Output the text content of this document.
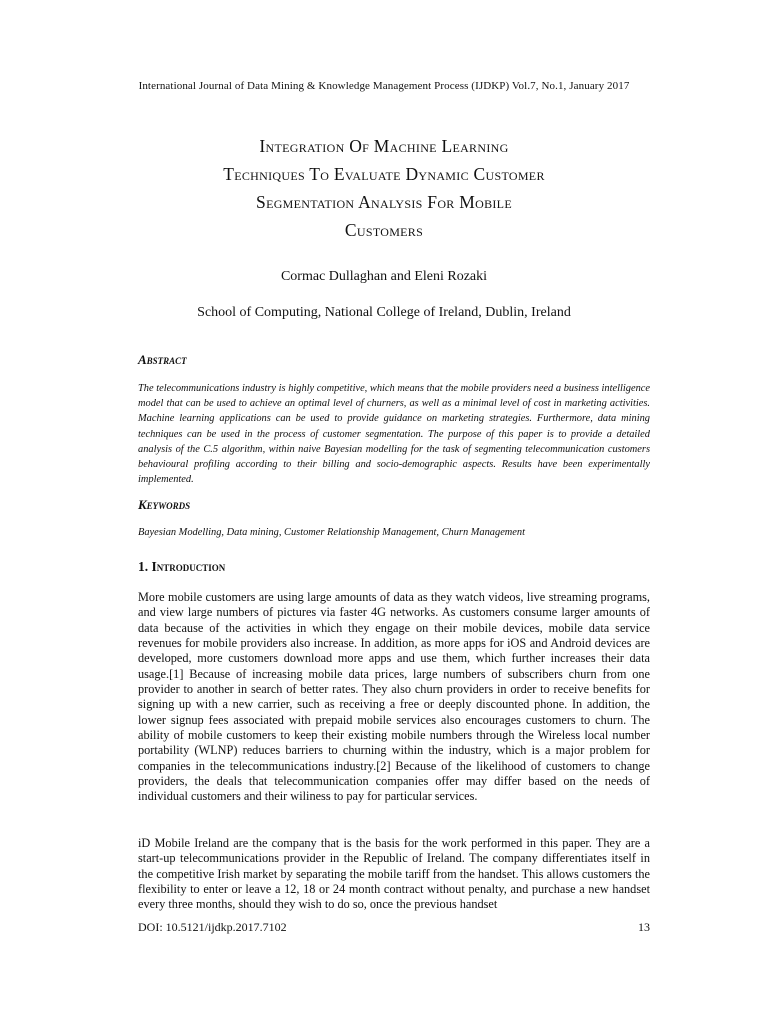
International Journal of Data Mining & Knowledge Management Process (IJDKP) Vol.7, No.1, January 2017
Integration Of Machine Learning
Techniques To Evaluate Dynamic Customer
Segmentation Analysis For Mobile
Customers
Cormac Dullaghan and Eleni Rozaki
School of Computing, National College of Ireland, Dublin, Ireland
Abstract
The telecommunications industry is highly competitive, which means that the mobile providers need a business intelligence model that can be used to achieve an optimal level of churners, as well as a minimal level of cost in marketing activities. Machine learning applications can be used to provide guidance on marketing strategies. Furthermore, data mining techniques can be used in the process of customer segmentation. The purpose of this paper is to provide a detailed analysis of the C.5 algorithm, within naive Bayesian modelling for the task of segmenting telecommunication customers behavioural profiling according to their billing and socio-demographic aspects. Results have been experimentally implemented.
Keywords
Bayesian Modelling, Data mining, Customer Relationship Management, Churn Management
1. Introduction
More mobile customers are using large amounts of data as they watch videos, live streaming programs, and view large numbers of pictures via faster 4G networks. As customers consume larger amounts of data because of the activities in which they engage on their mobile devices, mobile data service revenues for mobile providers also increase. In addition, as more apps for iOS and Android devices are developed, more customers download more apps and use them, which further increases their data usage.[1] Because of increasing mobile data prices, large numbers of subscribers churn from one provider to another in search of better rates. They also churn providers in order to receive benefits for signing up with a new carrier, such as receiving a free or deeply discounted phone. In addition, the lower signup fees associated with prepaid mobile services also encourages customers to churn. The ability of mobile customers to keep their existing mobile numbers through the Wireless local number portability (WLNP) reduces barriers to churning within the industry, which is a major problem for companies in the telecommunications industry.[2] Because of the likelihood of customers to change providers, the deals that telecommunication companies offer may differ based on the needs of individual customers and their wiliness to pay for particular services.
iD Mobile Ireland are the company that is the basis for the work performed in this paper. They are a start-up telecommunications provider in the Republic of Ireland. The company differentiates itself in the competitive Irish market by separating the mobile tariff from the handset. This allows customers the flexibility to enter or leave a 12, 18 or 24 month contract without penalty, and purchase a new handset every three months, should they wish to do so, once the previous handset
DOI: 10.5121/ijdkp.2017.7102	13
